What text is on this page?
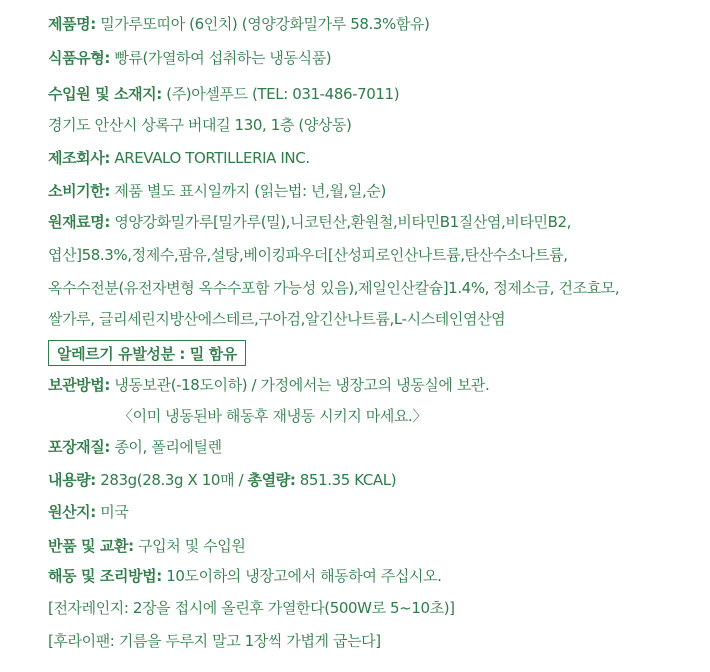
제품명: 밀가루또띠아 (6인치) (영양강화밀가루 58.3%함유)
식품유형: 빵류(가열하여 섭취하는 냉동식품)
수입원 및 소재지: (주)아셀푸드 (TEL: 031-486-7011)
경기도 안산시 상록구 버대길 130, 1층 (양상동)
제조회사: AREVALO TORTILLERIA INC.
소비기한: 제품 별도 표시일까지 (읽는법: 년,월,일,순)
원재료명: 영양강화밀가루[밀가루(밀),니코틴산,환원철,비타민B1질산염,비타민B2,
엽산]58.3%,정제수,팜유,설탕,베이킹파우더[산성피로인산나트륨,탄산수소나트륨,
옥수수전분(유전자변형 옥수수포함 가능성 있음),제일인산칼슘]1.4%, 정제소금, 건조효모,
쌀가루, 글리세린지방산에스테르,구아검,알긴산나트륨,L-시스테인염산염
알레르기 유발성분 : 밀 함유
보관방법: 냉동보관(-18도이하) / 가정에서는 냉장고의 냉동실에 보관.
〈이미 냉동된바 해동후 재냉동 시키지 마세요.〉
포장재질: 종이, 폴리에틸렌
내용량: 283g(28.3g X 10매 / 총열량: 851.35 KCAL)
원산지: 미국
반품 및 교환: 구입처 및 수입원
해동 및 조리방법: 10도이하의 냉장고에서 해동하여 주십시오.
[전자레인지: 2장을 접시에 올린후 가열한다(500W로 5~10초)]
[후라이팬: 기름을 두루지 말고 1장씩 가볍게 굽는다]
